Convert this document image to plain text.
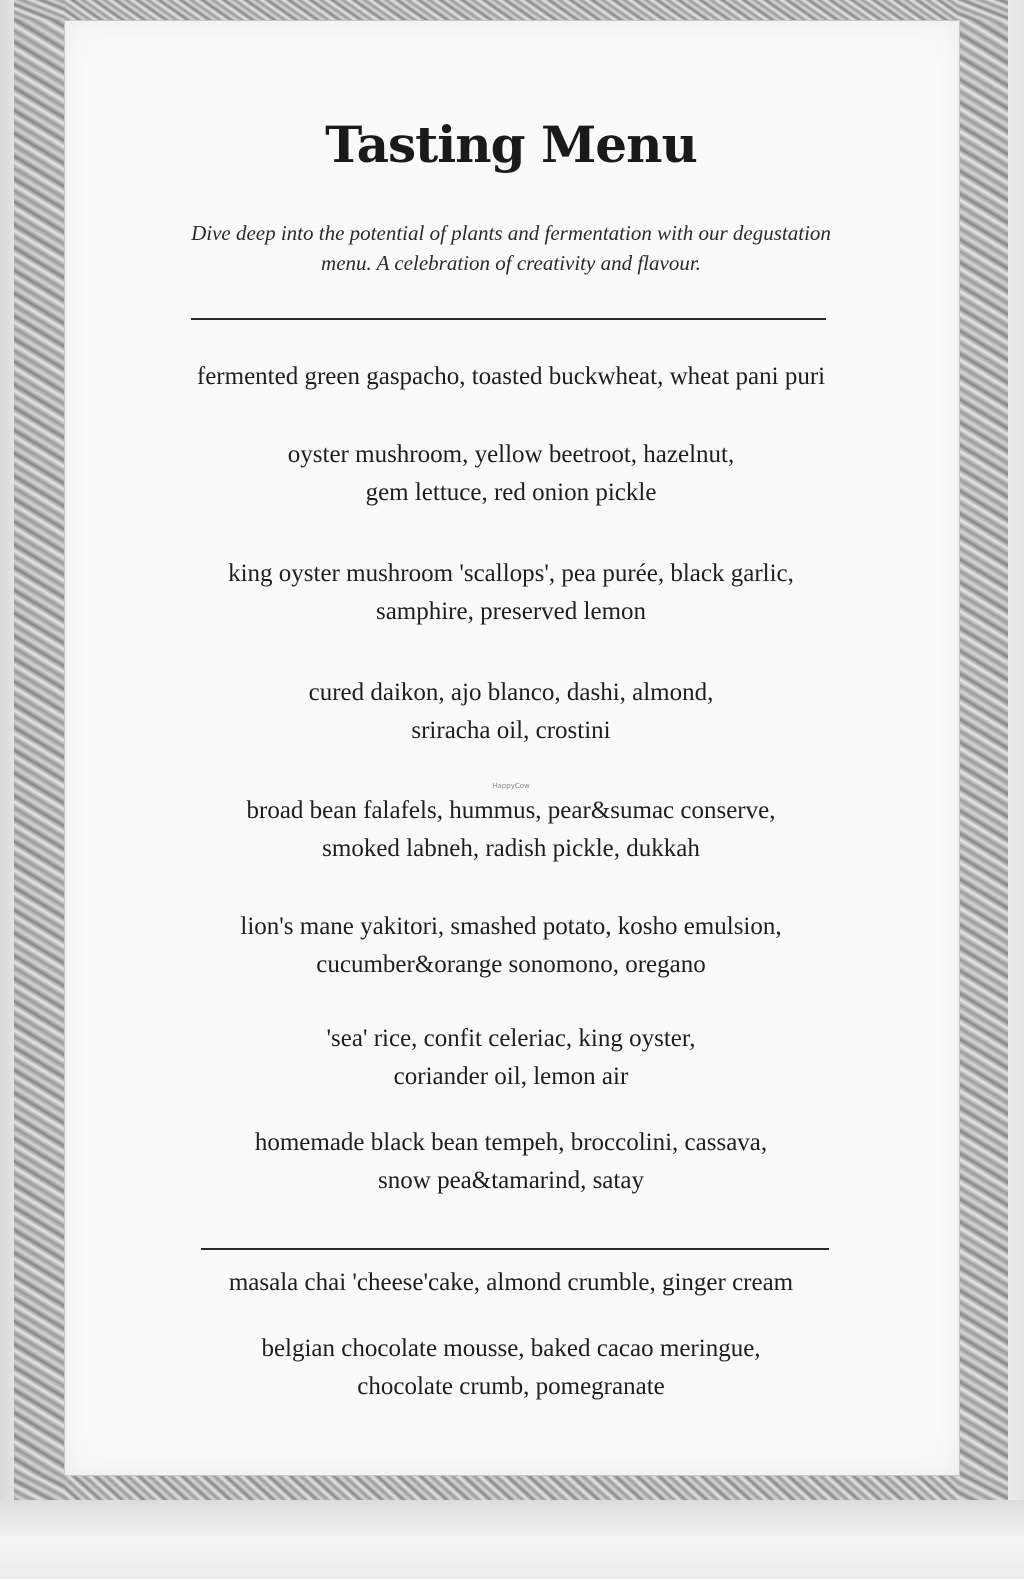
Tasting Menu
Dive deep into the potential of plants and fermentation with our degustation menu. A celebration of creativity and flavour.
fermented green gaspacho, toasted buckwheat, wheat pani puri
oyster mushroom, yellow beetroot, hazelnut,
gem lettuce, red onion pickle
king oyster mushroom 'scallops', pea purée, black garlic,
samphire, preserved lemon
cured daikon, ajo blanco, dashi, almond,
sriracha oil, crostini
HappyCow
broad bean falafels, hummus, pear&sumac conserve,
smoked labneh, radish pickle, dukkah
lion's mane yakitori, smashed potato, kosho emulsion,
cucumber&orange sonomono, oregano
'sea' rice, confit celeriac, king oyster,
coriander oil, lemon air
homemade black bean tempeh, broccolini, cassava,
snow pea&tamarind, satay
masala chai 'cheese'cake, almond crumble, ginger cream
belgian chocolate mousse, baked cacao meringue,
chocolate crumb, pomegranate
